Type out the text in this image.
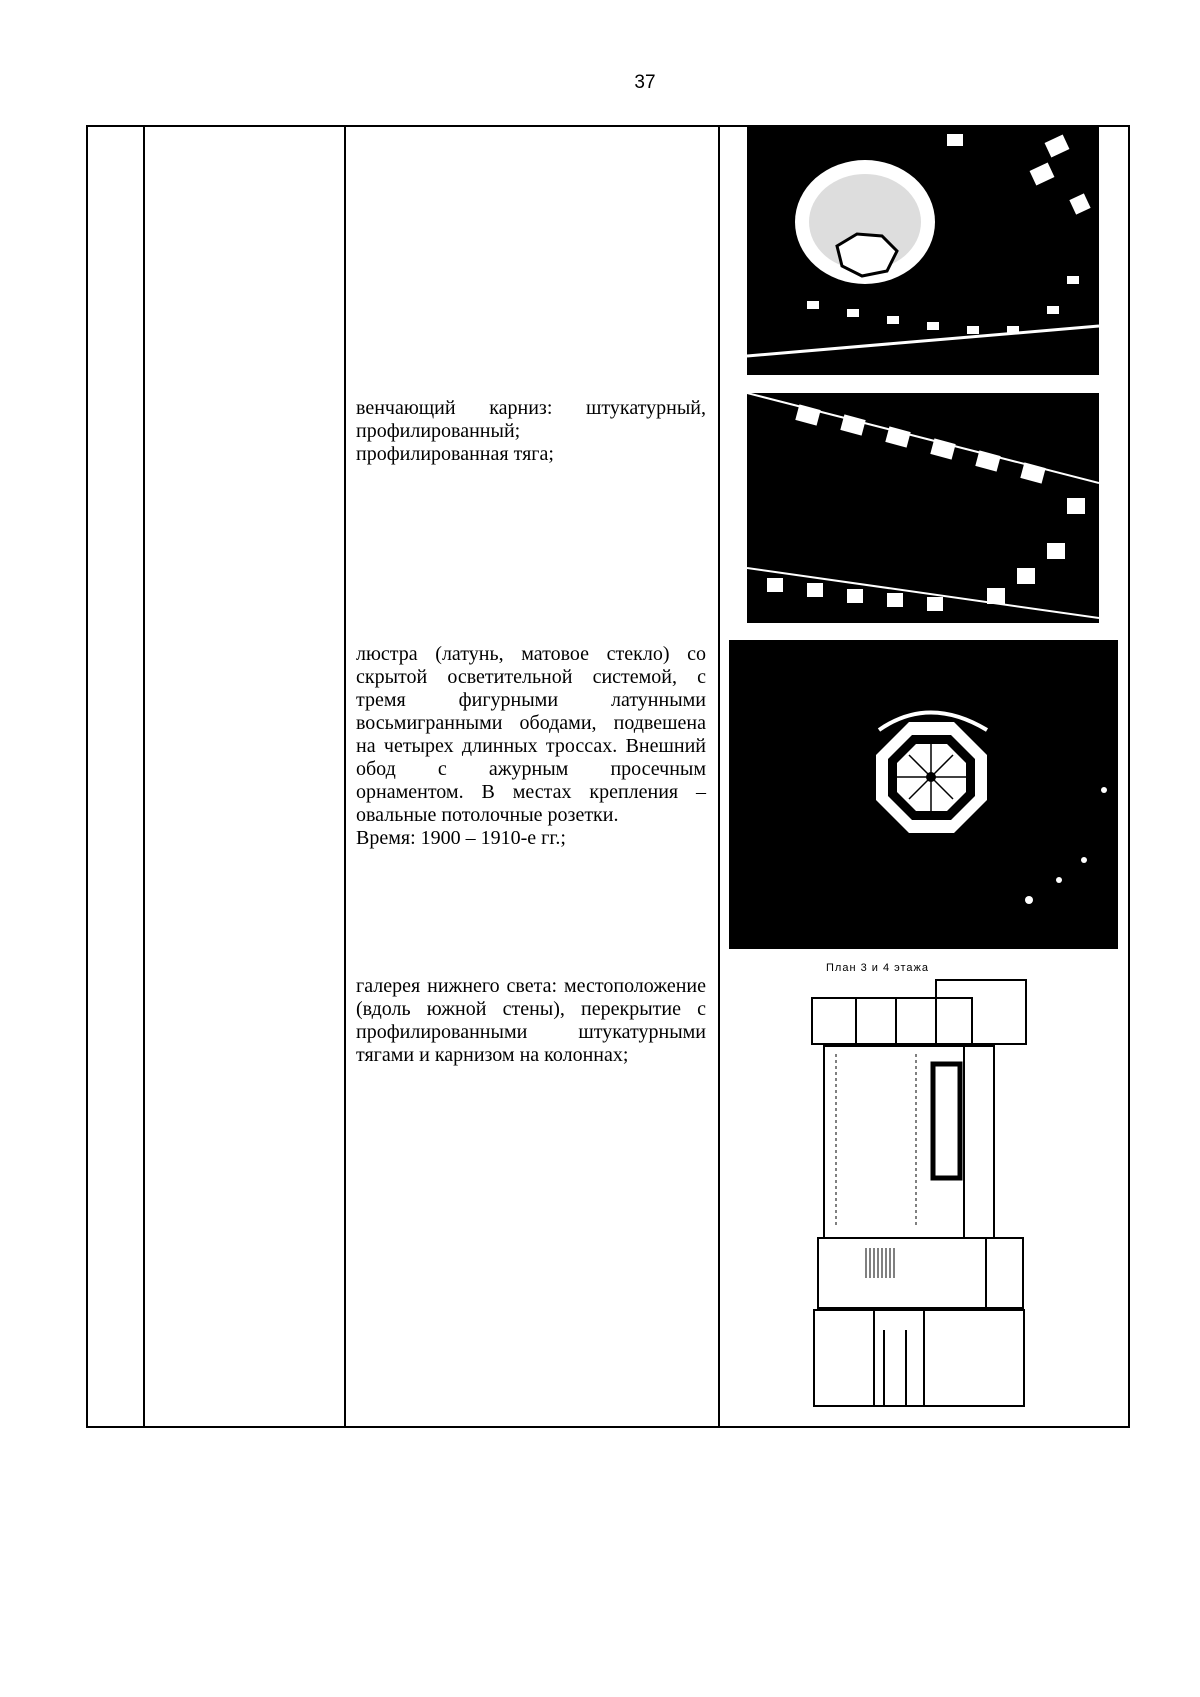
37

венчающий карниз: штукатурный, профилированный;

профилированная тяга;

люстра (латунь, матовое стекло) со скрытой осветительной системой, с тремя фигурными латунными восьмигранными ободами, подвешена на четырех длинных троссах. Внешний обод с ажурным просечным орнаментом. В местах крепления – овальные потолочные розетки.

Время: 1900 – 1910-е гг.;

галерея нижнего света: местоположение (вдоль южной стены), перекрытие с профилированными штукатурными тягами и карнизом на колоннах;

План 3 и 4 этажа
